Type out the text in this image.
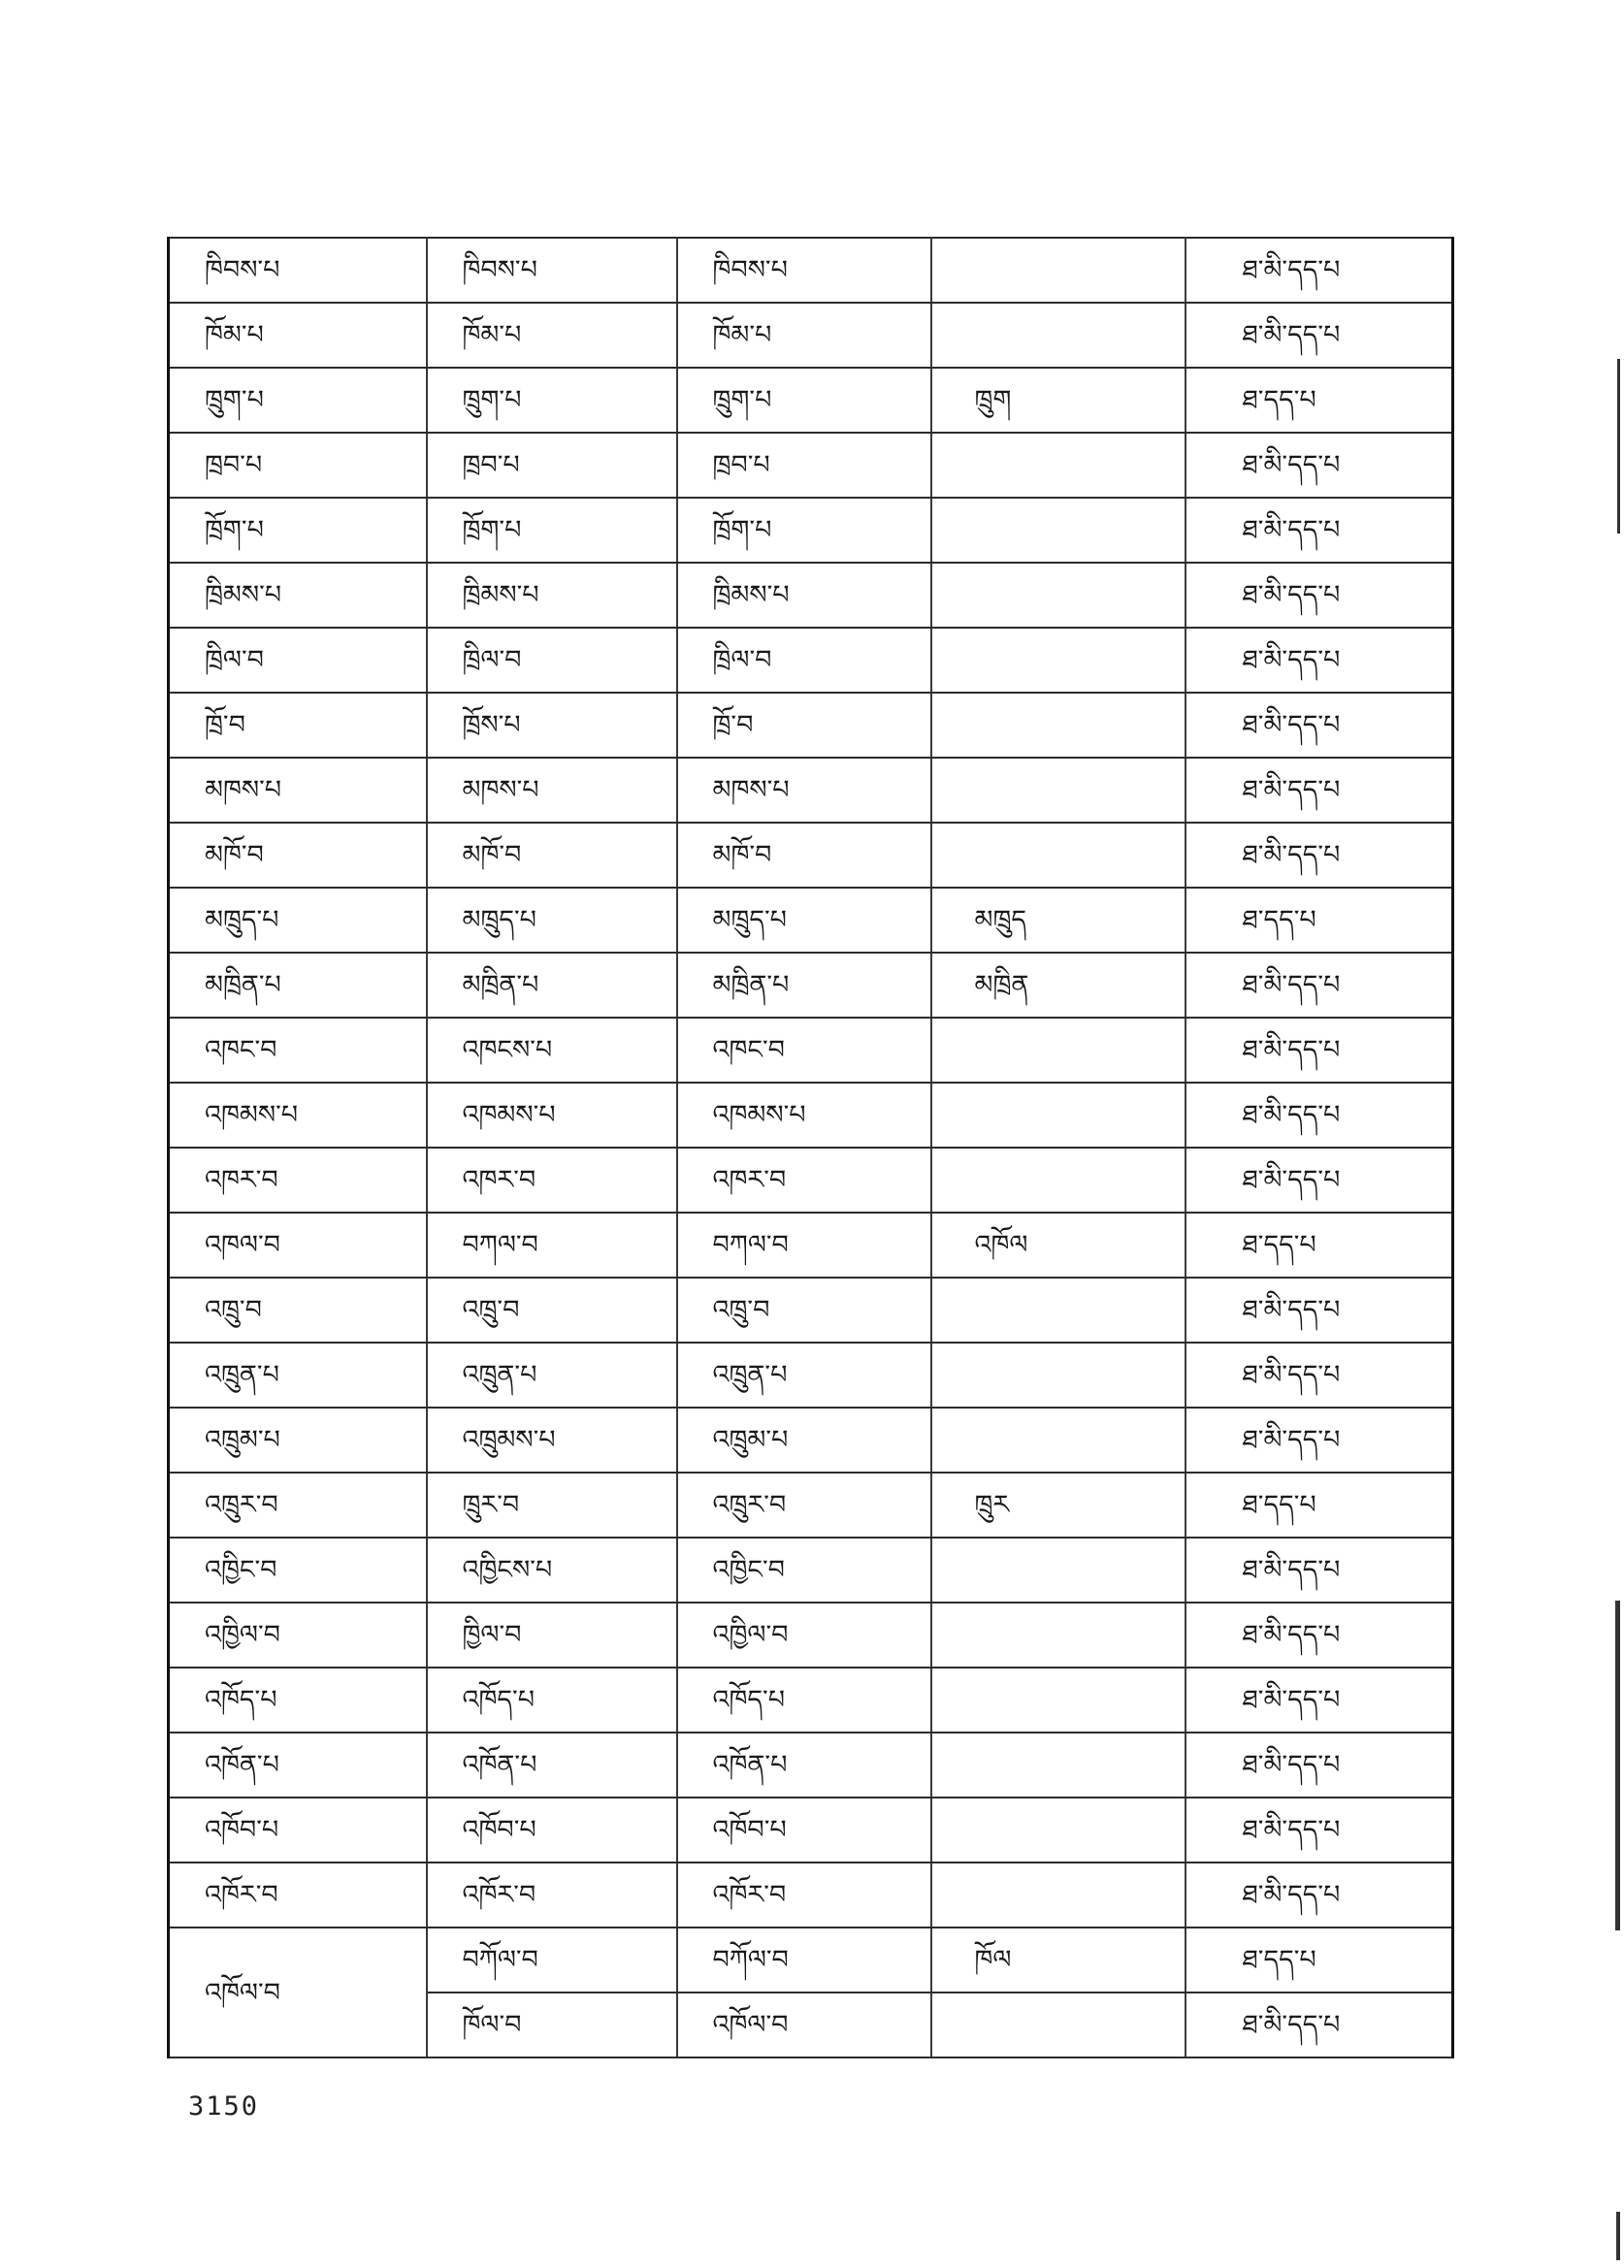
ཁིབས་པ	ཁིབས་པ	ཁིབས་པ		ཐ་མི་དད་པ
ཁོམ་པ	ཁོམ་པ	ཁོམ་པ		ཐ་མི་དད་པ
ཁྲུག་པ	ཁྲུག་པ	ཁྲུག་པ	ཁྲུག	ཐ་དད་པ
ཁྲབ་པ	ཁྲབ་པ	ཁྲབ་པ		ཐ་མི་དད་པ
ཁྲོག་པ	ཁྲོག་པ	ཁྲོག་པ		ཐ་མི་དད་པ
ཁྲིམས་པ	ཁྲིམས་པ	ཁྲིམས་པ		ཐ་མི་དད་པ
ཁྲིལ་བ	ཁྲིལ་བ	ཁྲིལ་བ		ཐ་མི་དད་པ
ཁྲོ་བ	ཁྲོས་པ	ཁྲོ་བ		ཐ་མི་དད་པ
མཁས་པ	མཁས་པ	མཁས་པ		ཐ་མི་དད་པ
མཁོ་བ	མཁོ་བ	མཁོ་བ		ཐ་མི་དད་པ
མཁྲུད་པ	མཁྲུད་པ	མཁྲུད་པ	མཁྲུད	ཐ་དད་པ
མཁྲིན་པ	མཁྲིན་པ	མཁྲིན་པ	མཁྲིན	ཐ་མི་དད་པ
འཁང་བ	འཁངས་པ	འཁང་བ		ཐ་མི་དད་པ
འཁམས་པ	འཁམས་པ	འཁམས་པ		ཐ་མི་དད་པ
འཁར་བ	འཁར་བ	འཁར་བ		ཐ་མི་དད་པ
འཁལ་བ	བཀལ་བ	བཀལ་བ	འཁོལ	ཐ་དད་པ
འཁྲུ་བ	འཁྲུ་བ	འཁྲུ་བ		ཐ་མི་དད་པ
འཁྲུན་པ	འཁྲུན་པ	འཁྲུན་པ		ཐ་མི་དད་པ
འཁྲུམ་པ	འཁྲུམས་པ	འཁྲུམ་པ		ཐ་མི་དད་པ
འཁྲུར་བ	ཁྲུར་བ	འཁྲུར་བ	ཁྲུར	ཐ་དད་པ
འཁྱིང་བ	འཁྱིངས་པ	འཁྱིང་བ		ཐ་མི་དད་པ
འཁྱིལ་བ	ཁྱིལ་བ	འཁྱིལ་བ		ཐ་མི་དད་པ
འཁོད་པ	འཁོད་པ	འཁོད་པ		ཐ་མི་དད་པ
འཁོན་པ	འཁོན་པ	འཁོན་པ		ཐ་མི་དད་པ
འཁོབ་པ	འཁོབ་པ	འཁོབ་པ		ཐ་མི་དད་པ
འཁོར་བ	འཁོར་བ	འཁོར་བ		ཐ་མི་དད་པ
འཁོལ་བ	བཀོལ་བ	བཀོལ་བ	ཁོལ	ཐ་དད་པ
	ཁོལ་བ	འཁོལ་བ		ཐ་མི་དད་པ
3150
